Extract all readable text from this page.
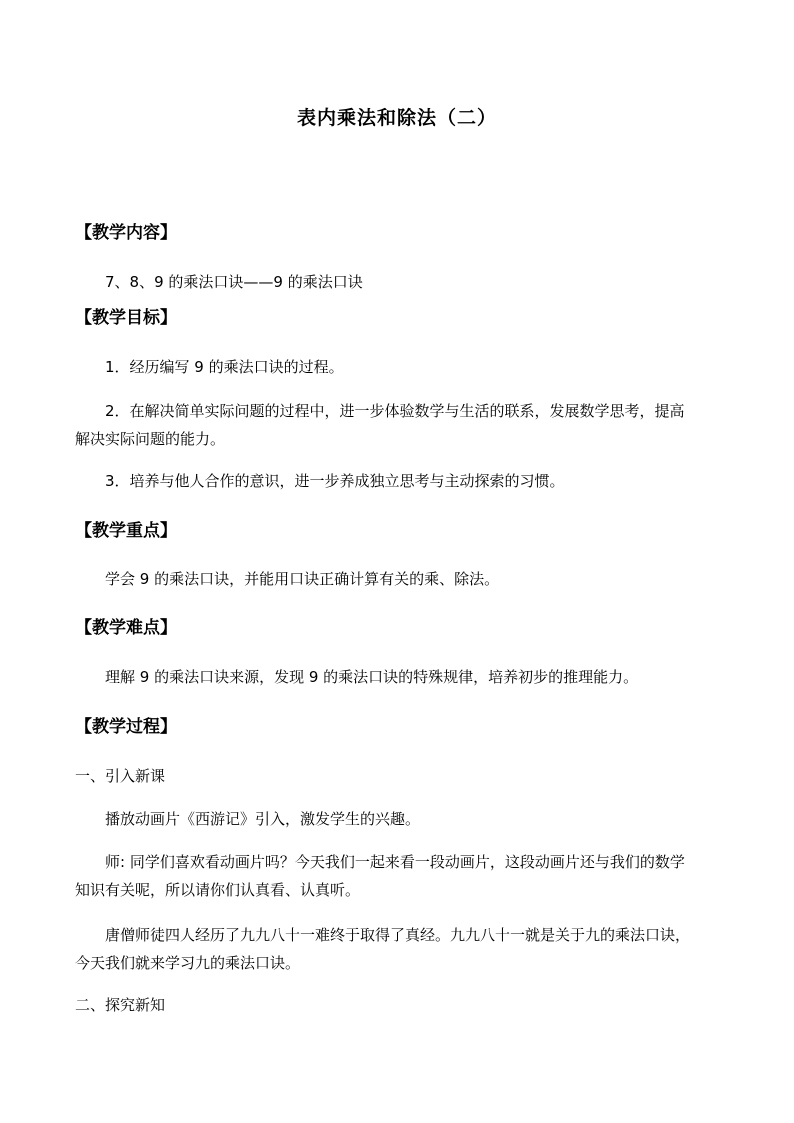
表内乘法和除法（二）
【教学内容】
7、8、9 的乘法口诀——9 的乘法口诀
【教学目标】
1．经历编写 9 的乘法口诀的过程。
2．在解决简单实际问题的过程中，进一步体验数学与生活的联系，发展数学思考，提高
解决实际问题的能力。
3．培养与他人合作的意识，进一步养成独立思考与主动探索的习惯。
【教学重点】
学会 9 的乘法口诀，并能用口诀正确计算有关的乘、除法。
【教学难点】
理解 9 的乘法口诀来源，发现 9 的乘法口诀的特殊规律，培养初步的推理能力。
【教学过程】
一、引入新课
播放动画片《西游记》引入，激发学生的兴趣。
师: 同学们喜欢看动画片吗？今天我们一起来看一段动画片，这段动画片还与我们的数学
知识有关呢，所以请你们认真看、认真听。
唐僧师徒四人经历了九九八十一难终于取得了真经。九九八十一就是关于九的乘法口诀，
今天我们就来学习九的乘法口诀。
二、探究新知
